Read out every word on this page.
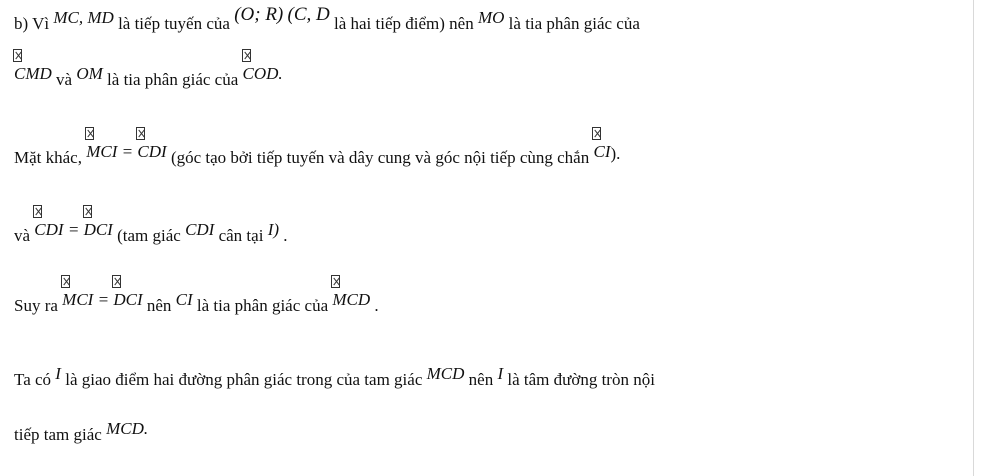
b) Vì MC, MD là tiếp tuyến của (O; R) (C, D là hai tiếp điểm) nên MO là tia phân giác của
CMD và OM là tia phân giác của COD.
Mặt khác, MCI =
CDI (góc tạo bởi tiếp tuyến và dây cung và góc nội tiếp cùng chắn CI).
và CDI =
DCI (tam giác CDI cân tại I) .
Suy ra MCI =
DCI nên CI là tia phân giác của MCD .
Ta có I là giao điểm hai đường phân giác trong của tam giác MCD nên I là tâm đường tròn nội
tiếp tam giác MCD.
